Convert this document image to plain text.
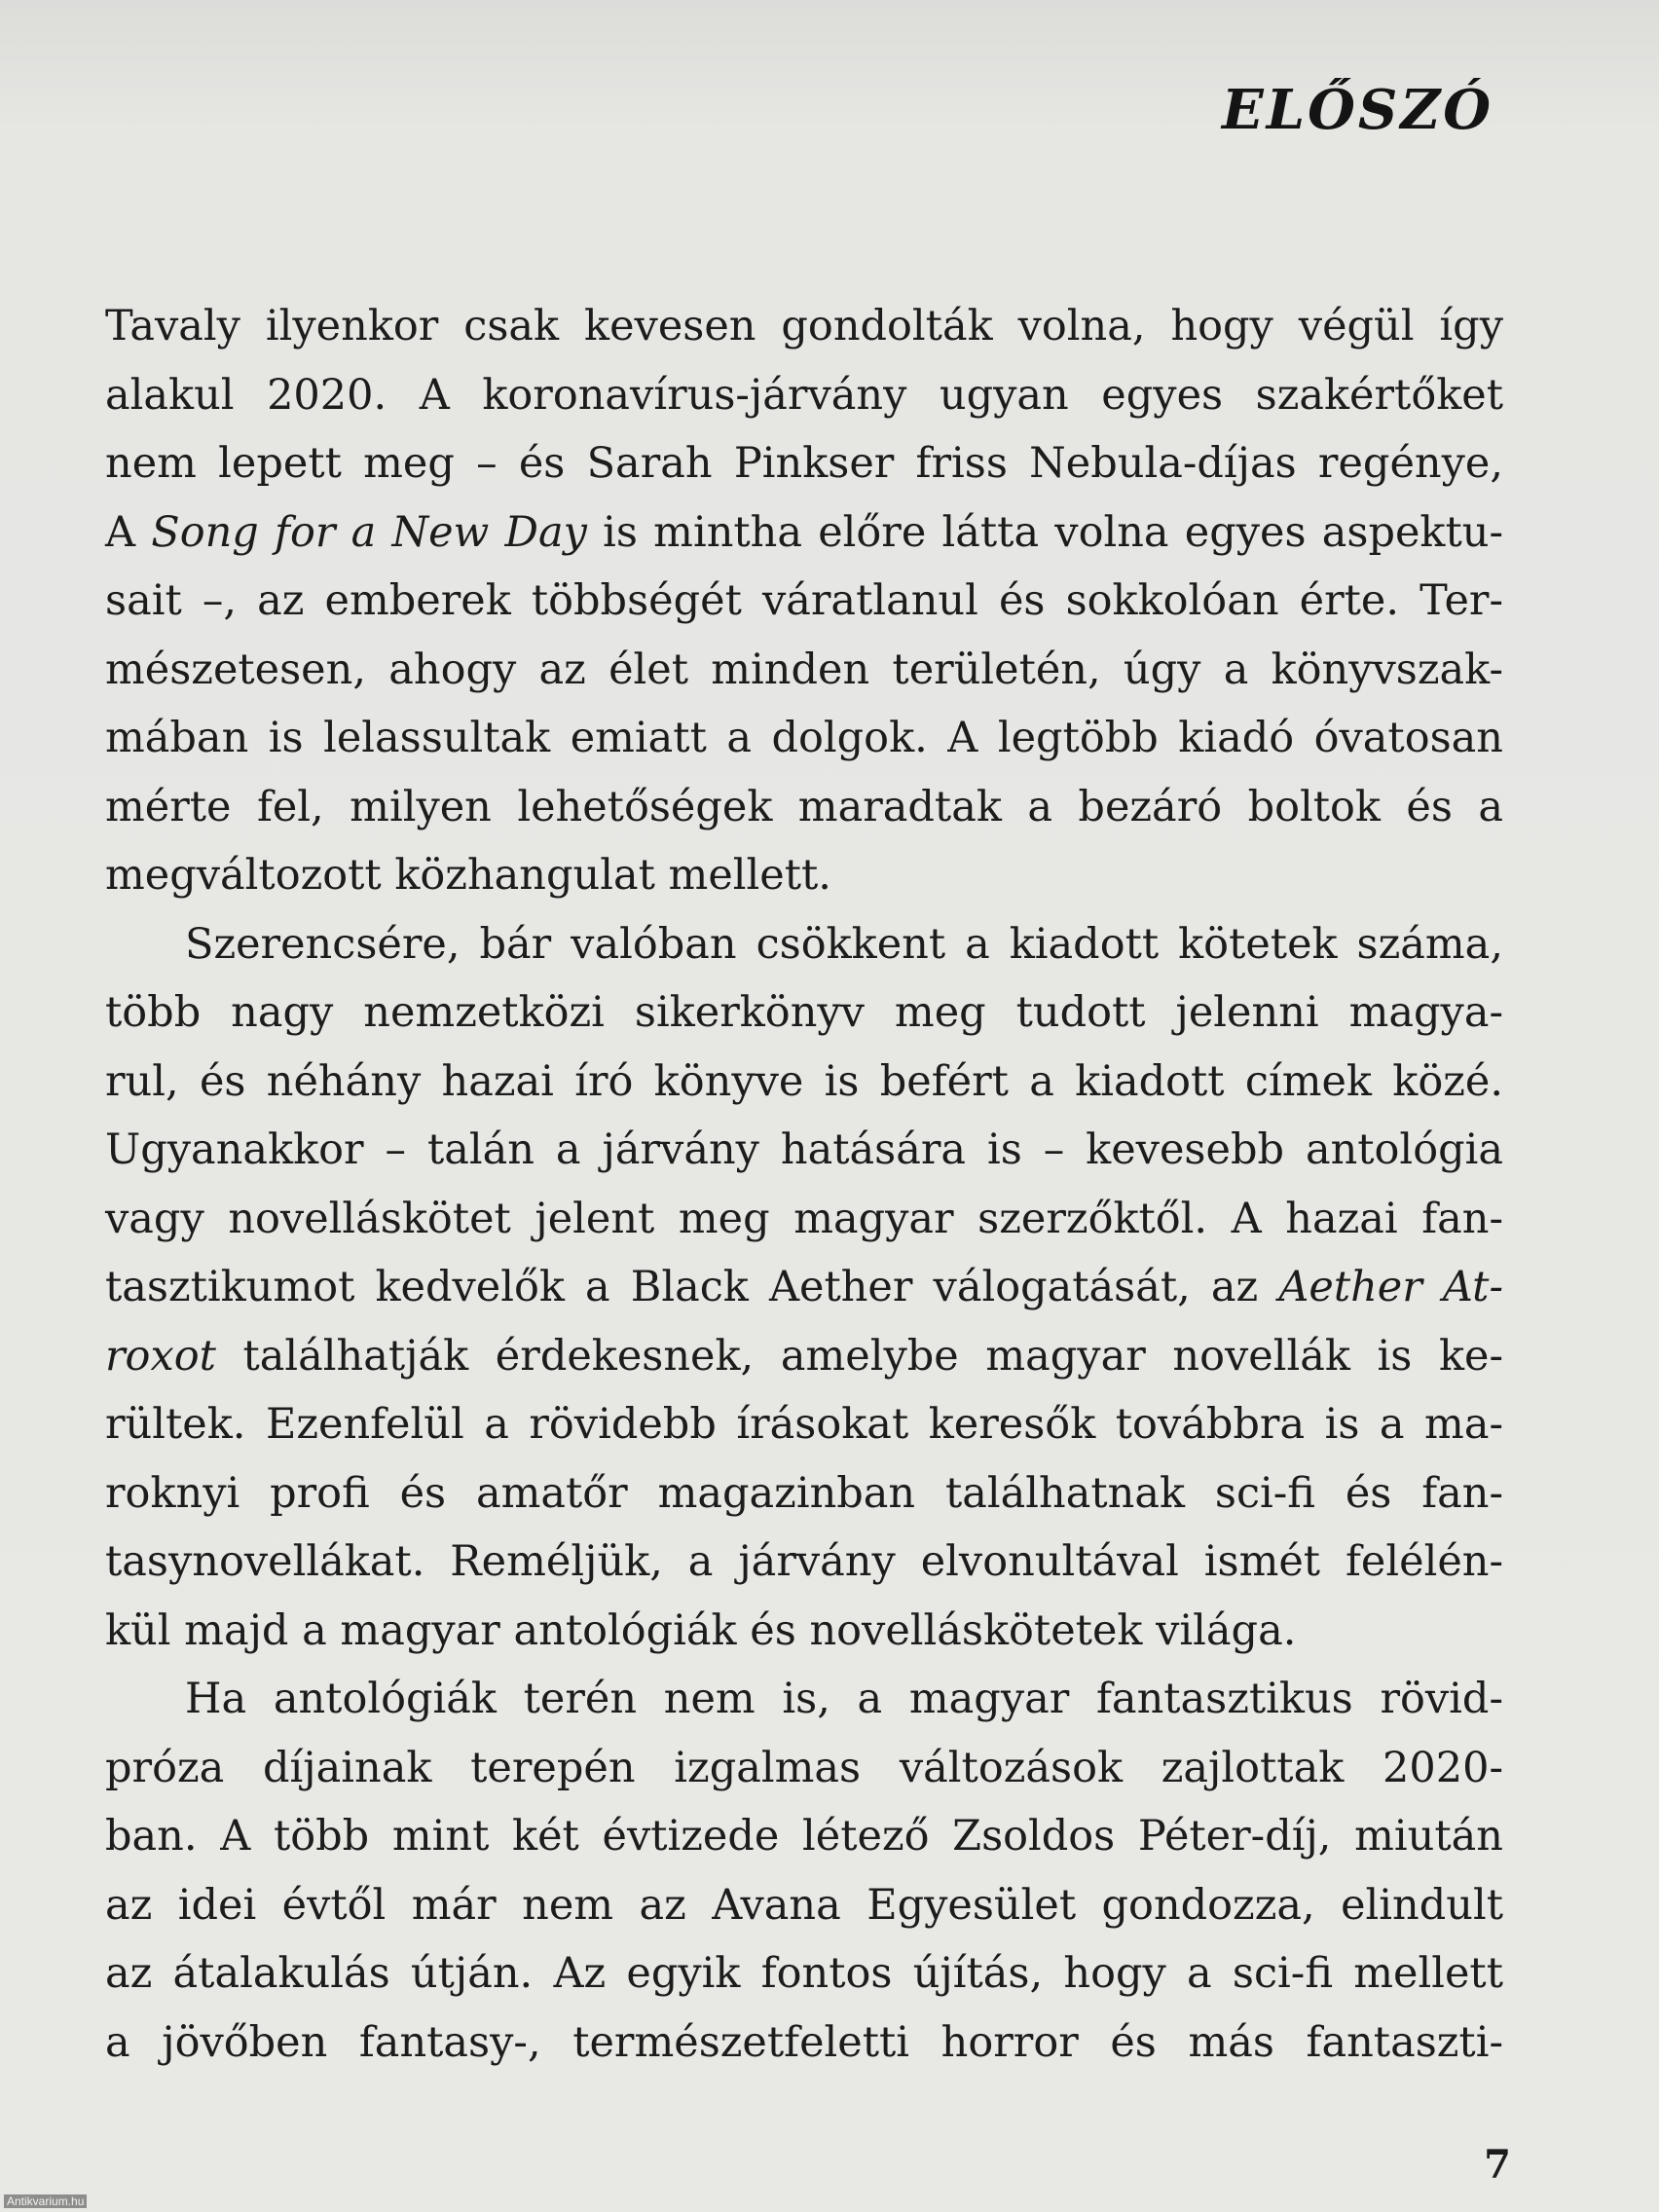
ELŐSZÓ
Tavaly ilyenkor csak kevesen gondolták volna, hogy végül így
alakul 2020. A koronavírus-járvány ugyan egyes szakértőket
nem lepett meg – és Sarah Pinkser friss Nebula-díjas regénye,
A Song for a New Day is mintha előre látta volna egyes aspektu-
sait –, az emberek többségét váratlanul és sokkolóan érte. Ter-
mészetesen, ahogy az élet minden területén, úgy a könyvszak-
mában is lelassultak emiatt a dolgok. A legtöbb kiadó óvatosan
mérte fel, milyen lehetőségek maradtak a bezáró boltok és a
megváltozott közhangulat mellett.
Szerencsére, bár valóban csökkent a kiadott kötetek száma,
több nagy nemzetközi sikerkönyv meg tudott jelenni magya-
rul, és néhány hazai író könyve is befért a kiadott címek közé.
Ugyanakkor – talán a járvány hatására is – kevesebb antológia
vagy novelláskötet jelent meg magyar szerzőktől. A hazai fan-
tasztikumot kedvelők a Black Aether válogatását, az Aether At-
roxot találhatják érdekesnek, amelybe magyar novellák is ke-
rültek. Ezenfelül a rövidebb írásokat keresők továbbra is a ma-
roknyi profi és amatőr magazinban találhatnak sci-fi és fan-
tasynovellákat. Reméljük, a járvány elvonultával ismét felélén-
kül majd a magyar antológiák és novelláskötetek világa.
Ha antológiák terén nem is, a magyar fantasztikus rövid-
próza díjainak terepén izgalmas változások zajlottak 2020-
ban. A több mint két évtizede létező Zsoldos Péter-díj, miután
az idei évtől már nem az Avana Egyesület gondozza, elindult
az átalakulás útján. Az egyik fontos újítás, hogy a sci-fi mellett
a jövőben fantasy-, természetfeletti horror és más fantaszti-
7
Antikvarium.hu
